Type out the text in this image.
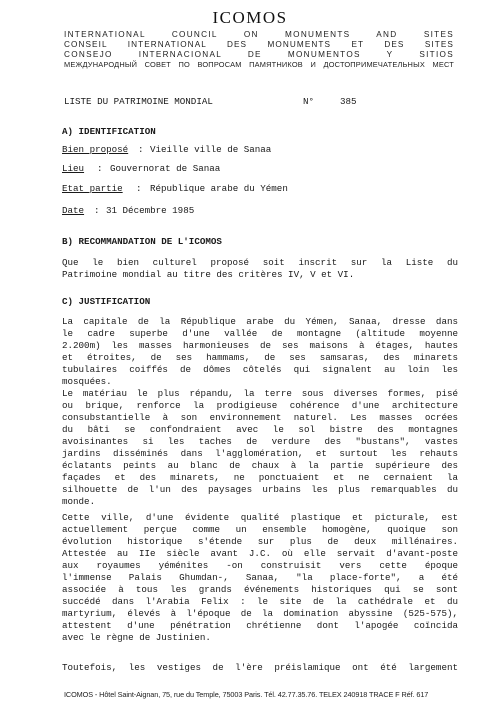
ICOMOS
INTERNATIONAL COUNCIL ON MONUMENTS AND SITES
CONSEIL INTERNATIONAL DES MONUMENTS ET DES SITES
CONSEJO INTERNACIONAL DE MONUMENTOS Y SITIOS
МЕЖДУНАРОДНЫЙ СОВЕТ ПО ВОПРОСАМ ПАМЯТНИКОВ И ДОСТОПРИМЕЧАТЕЛЬНЫХ МЕСТ
LISTE DU PATRIMOINE MONDIAL	N°	385
A) IDENTIFICATION
Bien proposé : Vieille ville de Sanaa
Lieu : Gouvernorat de Sanaa
Etat partie : République arabe du Yémen
Date : 31 Décembre 1985
B) RECOMMANDATION DE L'ICOMOS
Que le bien culturel proposé soit inscrit sur la Liste du
Patrimoine mondial au titre des critères IV, V et VI.
C) JUSTIFICATION
La capitale de la République arabe du Yémen, Sanaa, dresse dans
le cadre superbe d'une vallée de montagne (altitude moyenne
2.200m) les masses harmonieuses de ses maisons à étages, hautes
et étroites, de ses hammams, de ses samsaras, des minarets
tubulaires coiffés de dômes côtelés qui signalent au loin les
mosquées.
Le matériau le plus répandu, la terre sous diverses formes, pisé
ou brique, renforce la prodigieuse cohérence d'une architecture
consubstantielle à son environnement naturel. Les masses ocrées
du bâti se confondraient avec le sol bistre des montagnes
avoisinantes si les taches de verdure des "bustans", vastes
jardins disséminés dans l'agglomération, et surtout les rehauts
éclatants peints au blanc de chaux à la partie supérieure des
façades et des minarets, ne ponctuaient et ne cernaient la
silhouette de l'un des paysages urbains les plus remarquables du
monde.
Cette ville, d'une évidente qualité plastique et picturale, est
actuellement perçue comme un ensemble homogène, quoique son
évolution historique s'étende sur plus de deux millénaires.
Attestée au IIe siècle avant J.C. où elle servait d'avant-poste
aux royaumes yéménites -on construisit vers cette époque
l'immense Palais Ghumdan-, Sanaa, "la place-forte", a été
associée à tous les grands événements historiques qui se sont
succédé dans l'Arabia Felix : le site de la cathédrale et du
martyrium, élevés à l'époque de la domination abyssine (525-575),
attestent d'une pénétration chrétienne dont l'apogée coïncida
avec le règne de Justinien.
Toutefois, les vestiges de l'ère préislamique ont été largement
ICOMOS - Hôtel Saint-Aignan, 75, rue du Temple, 75003 Paris. Tél. 42.77.35.76. TELEX 240918 TRACE F Réf. 617
